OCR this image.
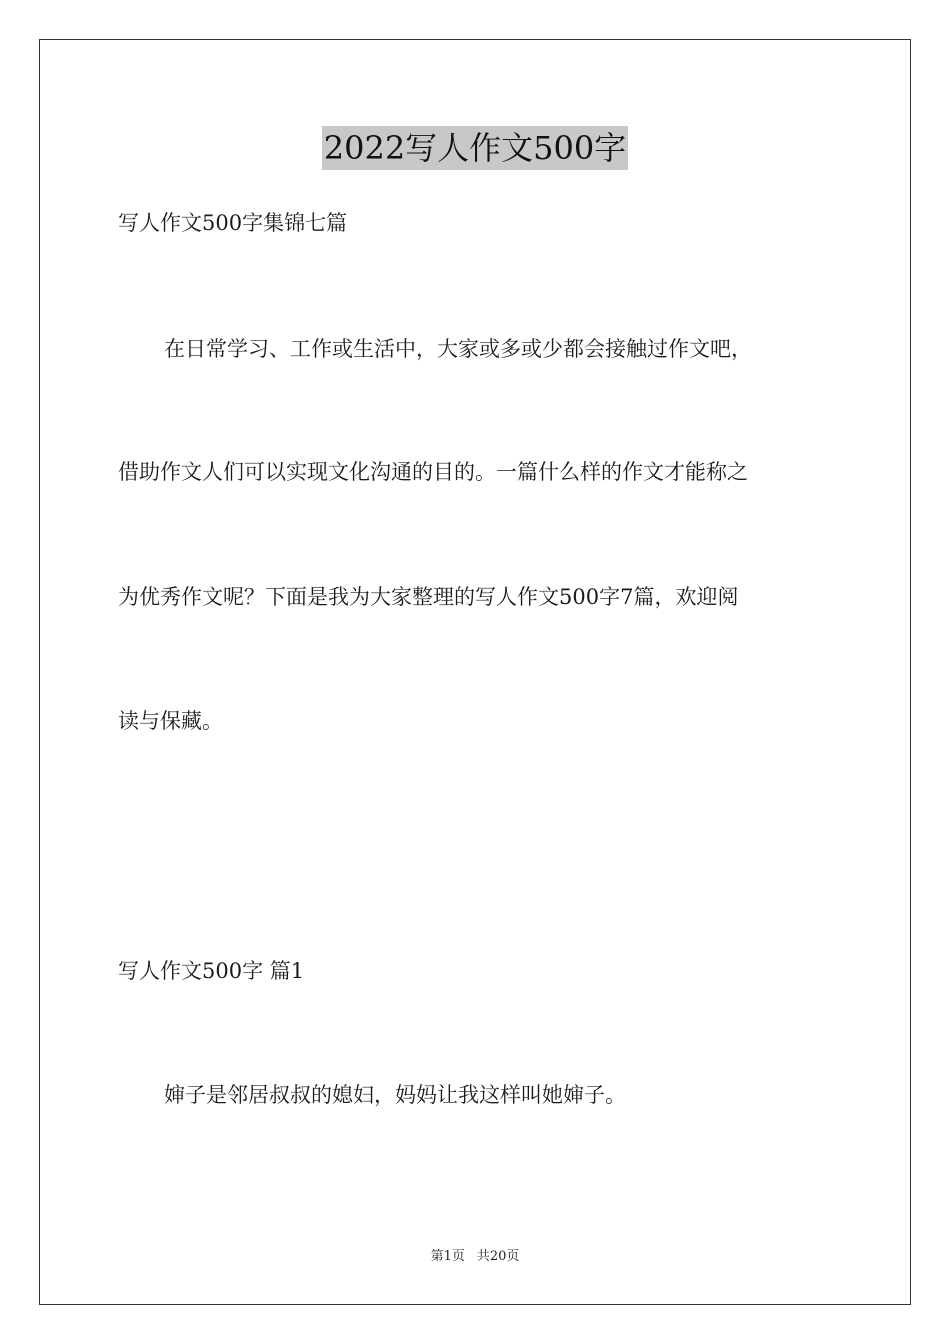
2022写人作文500字
写人作文500字集锦七篇
在日常学习、工作或生活中，大家或多或少都会接触过作文吧，
借助作文人们可以实现文化沟通的目的。一篇什么样的作文才能称之
为优秀作文呢？下面是我为大家整理的写人作文500字7篇，欢迎阅
读与保藏。
写人作文500字 篇1
婶子是邻居叔叔的媳妇，妈妈让我这样叫她婶子。
第1页 共20页
